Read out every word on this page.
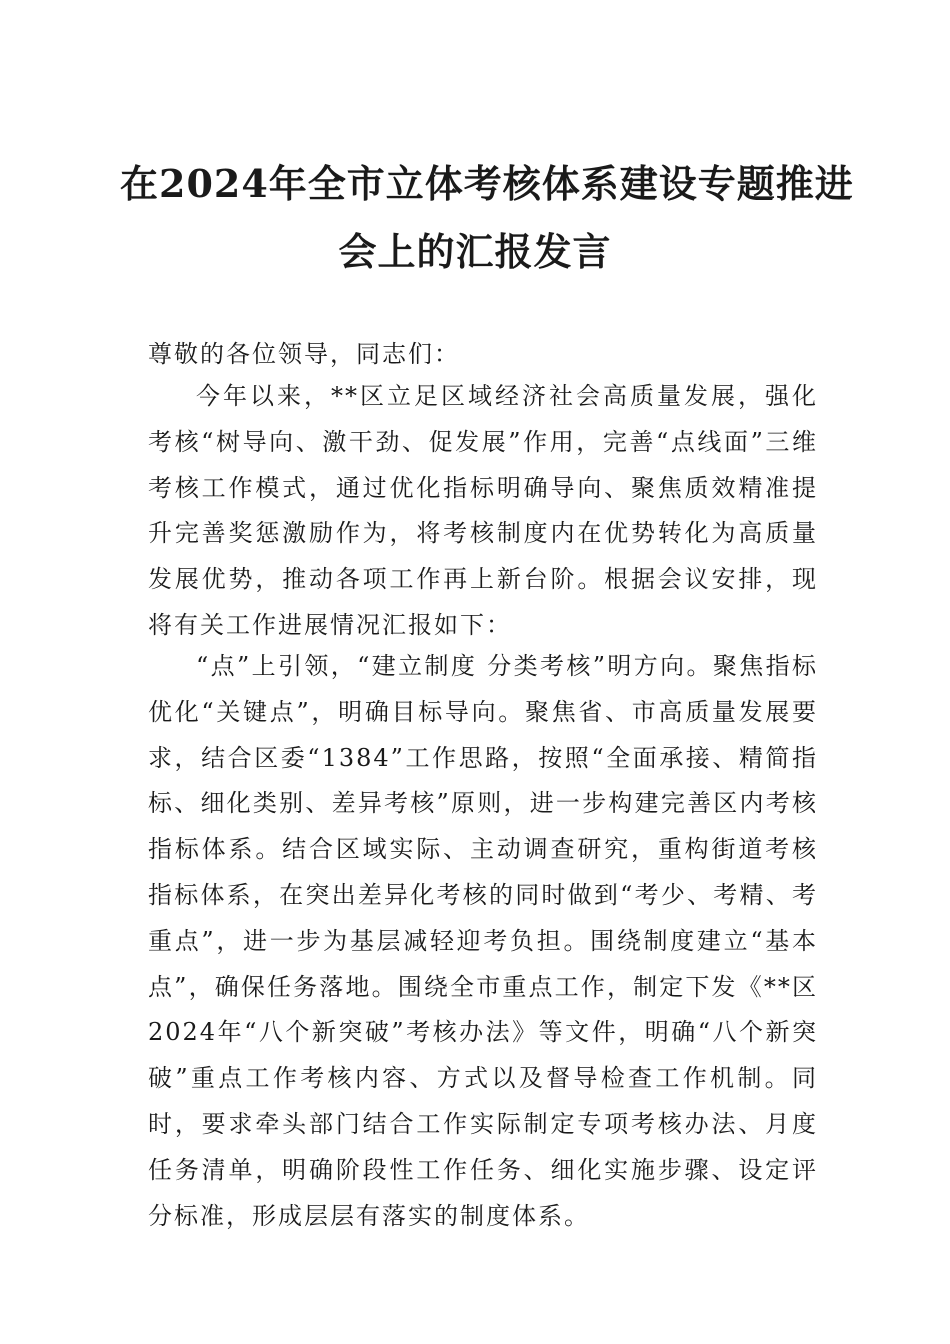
在2024年全市立体考核体系建设专题推进
会上的汇报发言
尊敬的各位领导，同志们：
今年以来，**区立足区域经济社会高质量发展，强化考核“树导向、激干劲、促发展”作用，完善“点线面”三维考核工作模式，通过优化指标明确导向、聚焦质效精准提升完善奖惩激励作为，将考核制度内在优势转化为高质量发展优势，推动各项工作再上新台阶。根据会议安排，现将有关工作进展情况汇报如下：
“点”上引领，“建立制度 分类考核”明方向。聚焦指标优化“关键点”，明确目标导向。聚焦省、市高质量发展要求，结合区委“1384”工作思路，按照“全面承接、精简指标、细化类别、差异考核”原则，进一步构建完善区内考核指标体系。结合区域实际、主动调查研究，重构街道考核指标体系，在突出差异化考核的同时做到“考少、考精、考重点”，进一步为基层减轻迎考负担。围绕制度建立“基本点”，确保任务落地。围绕全市重点工作，制定下发《**区2024年“八个新突破”考核办法》等文件，明确“八个新突破”重点工作考核内容、方式以及督导检查工作机制。同时，要求牵头部门结合工作实际制定专项考核办法、月度任务清单，明确阶段性工作任务、细化实施步骤、设定评分标准，形成层层有落实的制度体系。
